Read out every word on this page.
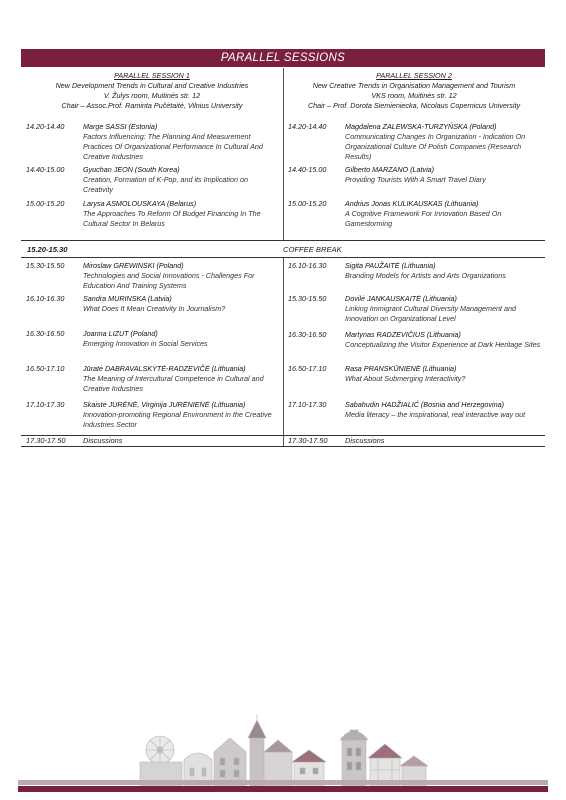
PARALLEL SESSIONS
PARALLEL SESSION 1
New Development Trends in Cultural and Creative Industries
V. Žulys room, Muitinės str. 12
Chair – Assoc.Prof. Raminta Pučėtaitė, Vilnius University
PARALLEL SESSION 2
New Creative Trends in Organisation Management and Tourism
VKS room, Muitinės str. 12
Chair – Prof. Dorota Siemieniecka, Nicolaus Copernicus University
14.20-14.40	Marge SASSI (Estonia)
Factors Influencing: The Planning And Measurement Practices Of Organizational Performance In Cultural And Creative Industries
14.40-15.00	Gyuchan JEON (South Korea)
Creation, Formation of K-Pop, and its Implication on Creativity
15.00-15.20	Larysa ASMOLOUSKAYA (Belarus)
The Approaches To Reform Of Budget Financing In The Cultural Sector In Belarus
14.20-14.40	Magdalena ZALEWSKA-TURZYŃSKA (Poland)
Communicating Changes In Organization - Indication On Organizational Culture Of Polish Companies (Research Results)
14.40-15.00	Gilberto MARZANO (Latvia)
Providing Tourists With A Smart Travel Diary
15.00-15.20	Andrius Jonas KULIKAUSKAS (Lithuania)
A Cognitive Framework For Innovation Based On Gamestorming
15.20-15.30	COFFEE BREAK
15.30-15.50	Miroslaw GREWINSKI (Poland)
Technologies and Social Innovations - Challenges For Education And Training Systems
16.10-16.30	Sandra MURINSKA (Latvia)
What Does It Mean Creativity In Journalism?
16.30-16.50	Joanna LIZUT (Poland)
Emerging Innovation in Social Services
16.50-17.10	Jūratė DABRAVALSKYTĖ-RADZEVIČĖ (Lithuania)
The Meaning of Intercultural Competence in Cultural and Creative Industries
17.10-17.30	Skaistė JURĖNĖ, Virginija JURĖNIENĖ (Lithuania)
Innovation-promoting Regional Environment in the Creative Industries Sector
16.10-16.30	Sigita PAUŽAITĖ (Lithuania)
Branding Models for Artists and Arts Organizations
15.30-15.50	Dovilė JANKAUSKAITĖ (Lithuania)
Linking Immigrant Cultural Diversity Management and Innovation on Organizational Level
16.30-16.50	Martynas RADZEVIČIUS (Lithuania)
Conceptualizing the Visitor Experience at Dark Heritage Sites
16.50-17.10	Rasa PRANSKŪNIENĖ (Lithuania)
What About Submerging Interactivity?
17.10-17.30	Sabahudin HADŽIALIĆ (Bosnia and Herzegovina)
Media literacy – the inspirational, real interactive way out
17.30-17.50 Discussions	17.30-17.50 Discussions
